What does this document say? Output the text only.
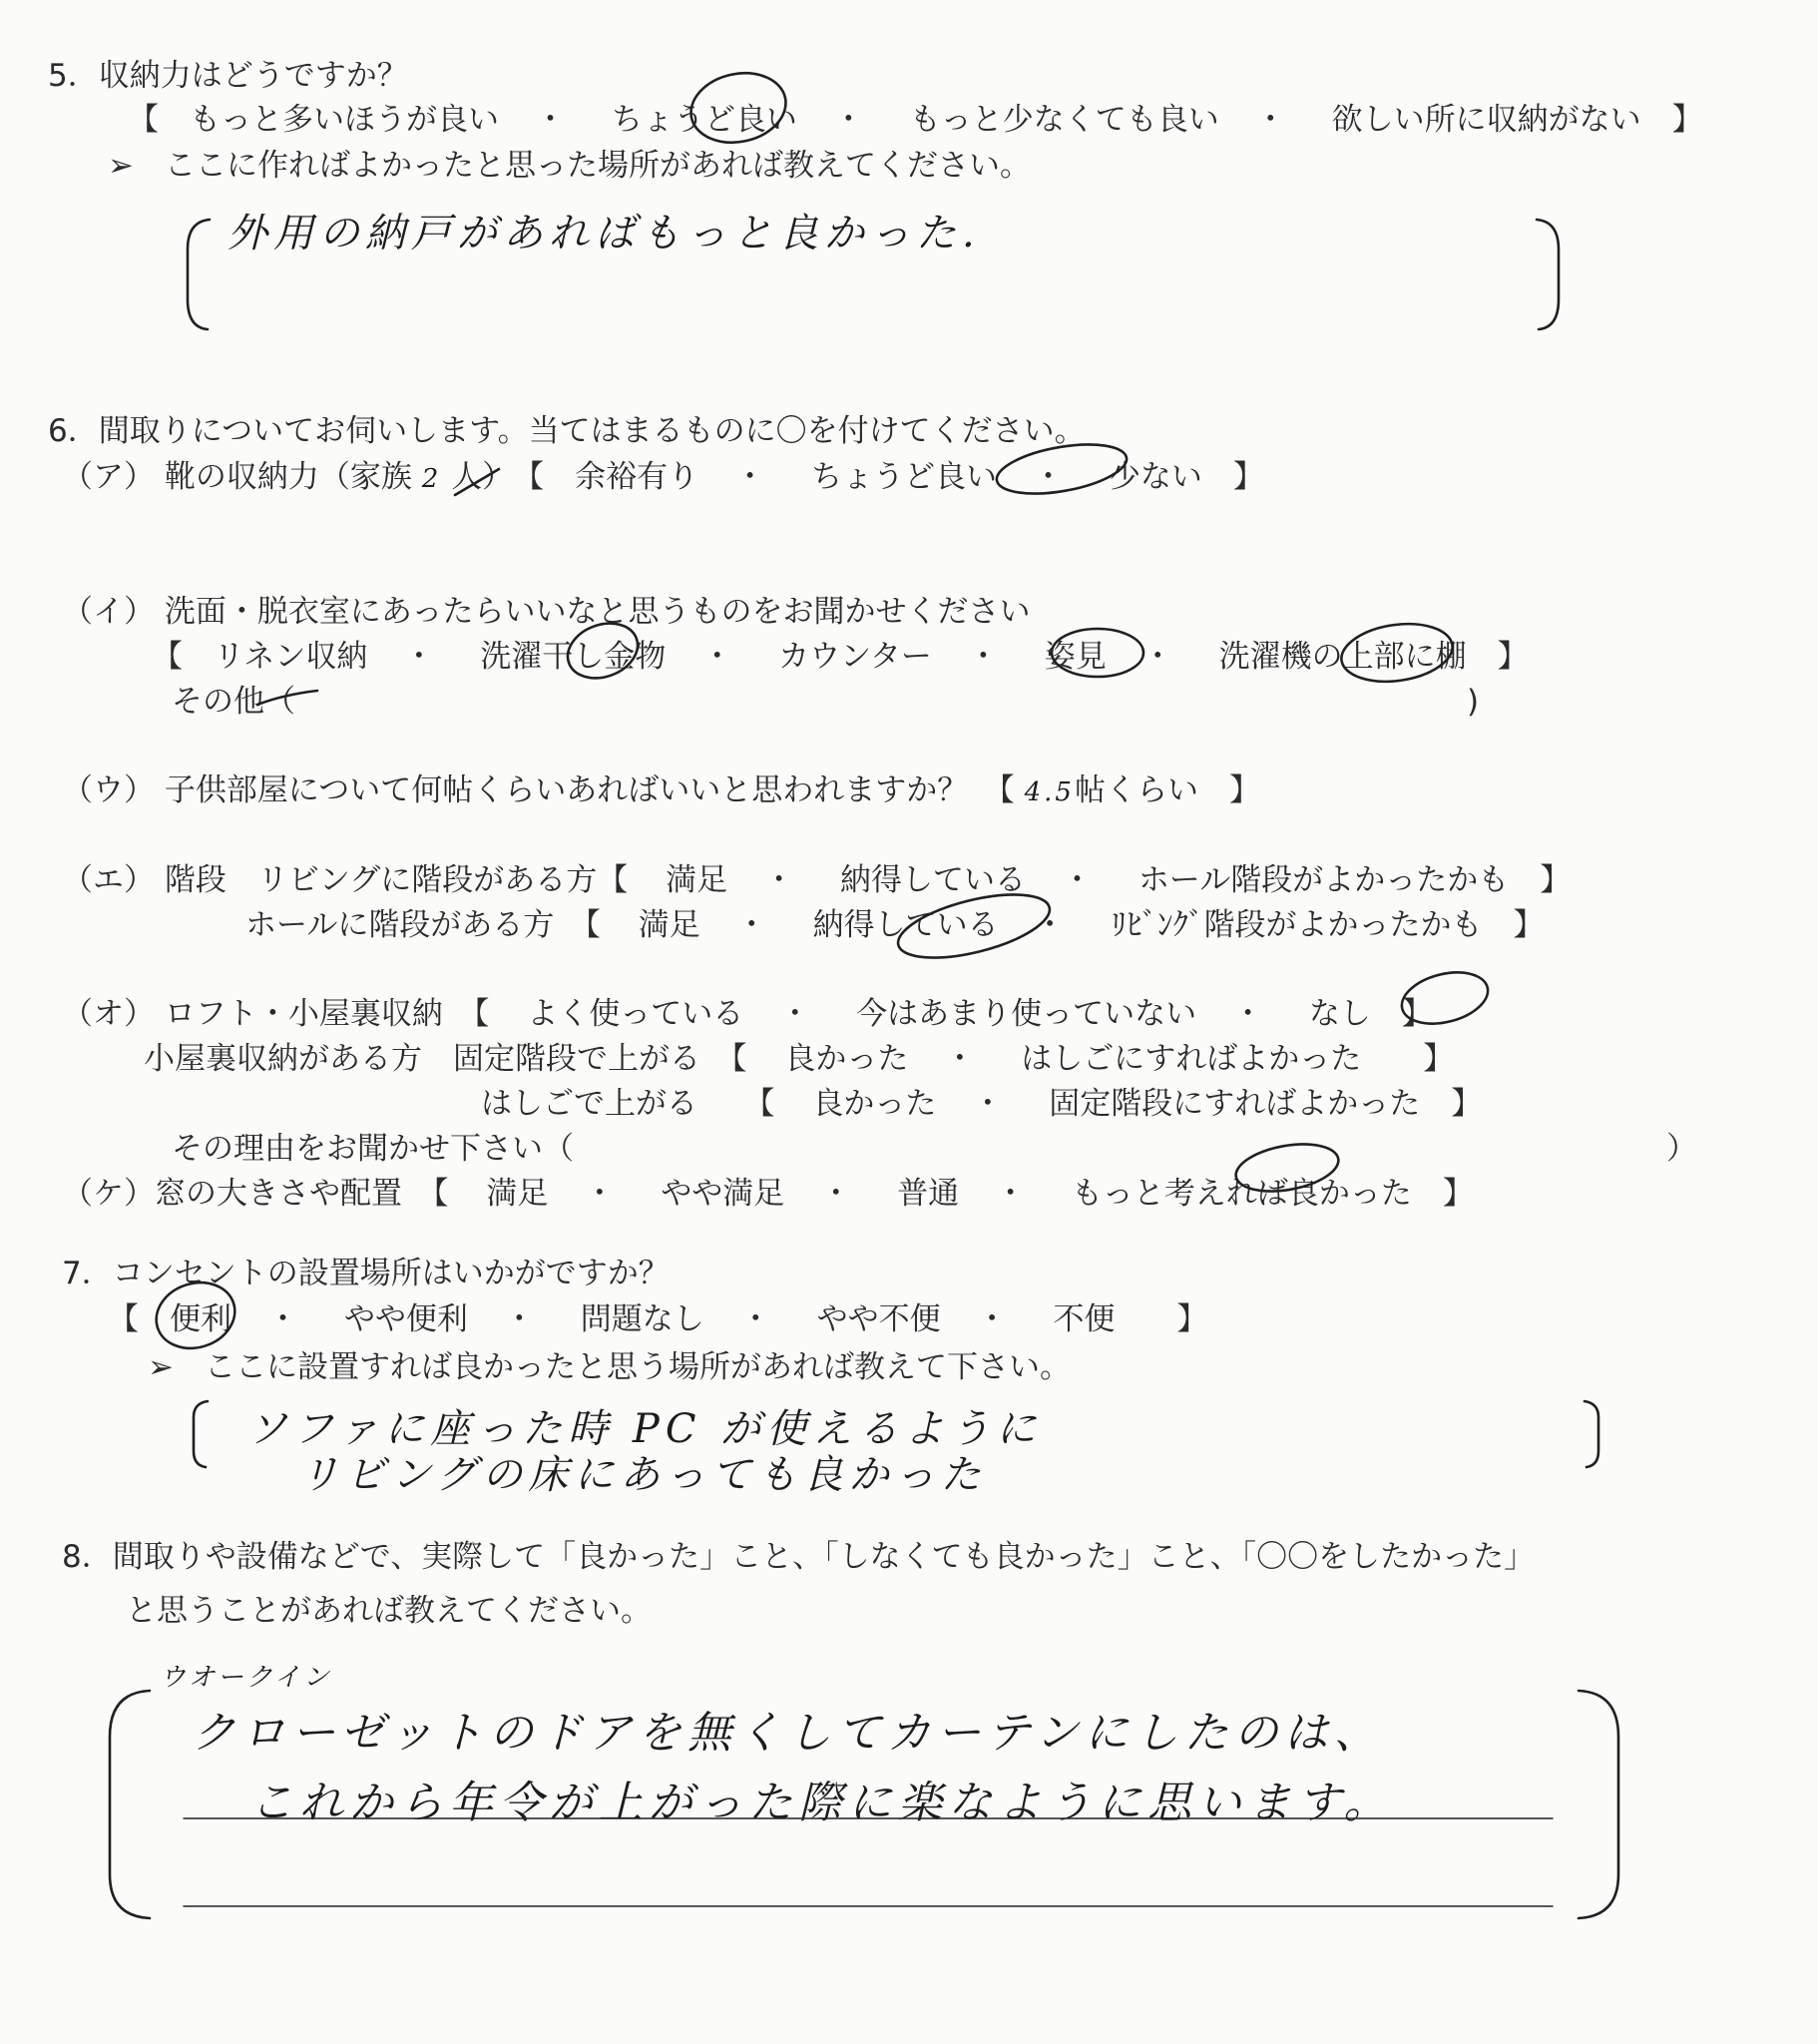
5．収納力はどうですか？
【　もっと多いほうが良い ・ ちょうど良い ・ もっと少なくても良い ・ 欲しい所に収納がない　】
➢　ここに作ればよかったと思った場所があれば教えてください。
外用の納戸があればもっと良かった.
6．間取りについてお伺いします。当てはまるものに〇を付けてください。
（ア） 靴の収納力（家族 2 人）　【　余裕有り ・ ちょうど良い ・ 少ない　】
（イ） 洗面・脱衣室にあったらいいなと思うものをお聞かせください
【　リネン収納 ・ 洗濯干し金物 ・ カウンター ・ 姿見 ・ 洗濯機の上部に棚　】
その他（	)
（ウ） 子供部屋について何帖くらいあればいいと思われますか？　【 4.5帖くらい　】
（エ） 階段　リビングに階段がある方【 満足 ・ 納得している ・ ホール階段がよかったかも　】
ホールに階段がある方　【 満足 ・ 納得している ・ ﾘﾋﾞﾝｸﾞ階段がよかったかも　】
（オ） ロフト・小屋裏収納　【 よく使っている ・ 今はあまり使っていない ・ なし　】
小屋裏収納がある方　固定階段で上がる　【 良かった ・ はしごにすればよかった　　】
はしごで上がる　　【 良かった ・ 固定階段にすればよかった　】
その理由をお聞かせ下さい（	）
（ケ）窓の大きさや配置　【 満足 ・ やや満足 ・ 普通 ・ もっと考えれば良かった　】
7．コンセントの設置場所はいかがですか？
【　便利 ・ やや便利 ・ 問題なし ・ やや不便 ・ 不便　　】
➢　ここに設置すれば良かったと思う場所があれば教えて下さい。
ソファに座った時 PC が使えるように
リビングの床にあっても良かった
8．間取りや設備などで、実際して「良かった」こと、「しなくても良かった」こと、「〇〇をしたかった」
と思うことがあれば教えてください。
ウオークイン
クローゼットのドアを無くしてカーテンにしたのは、
これから年令が上がった際に楽なように思います。
